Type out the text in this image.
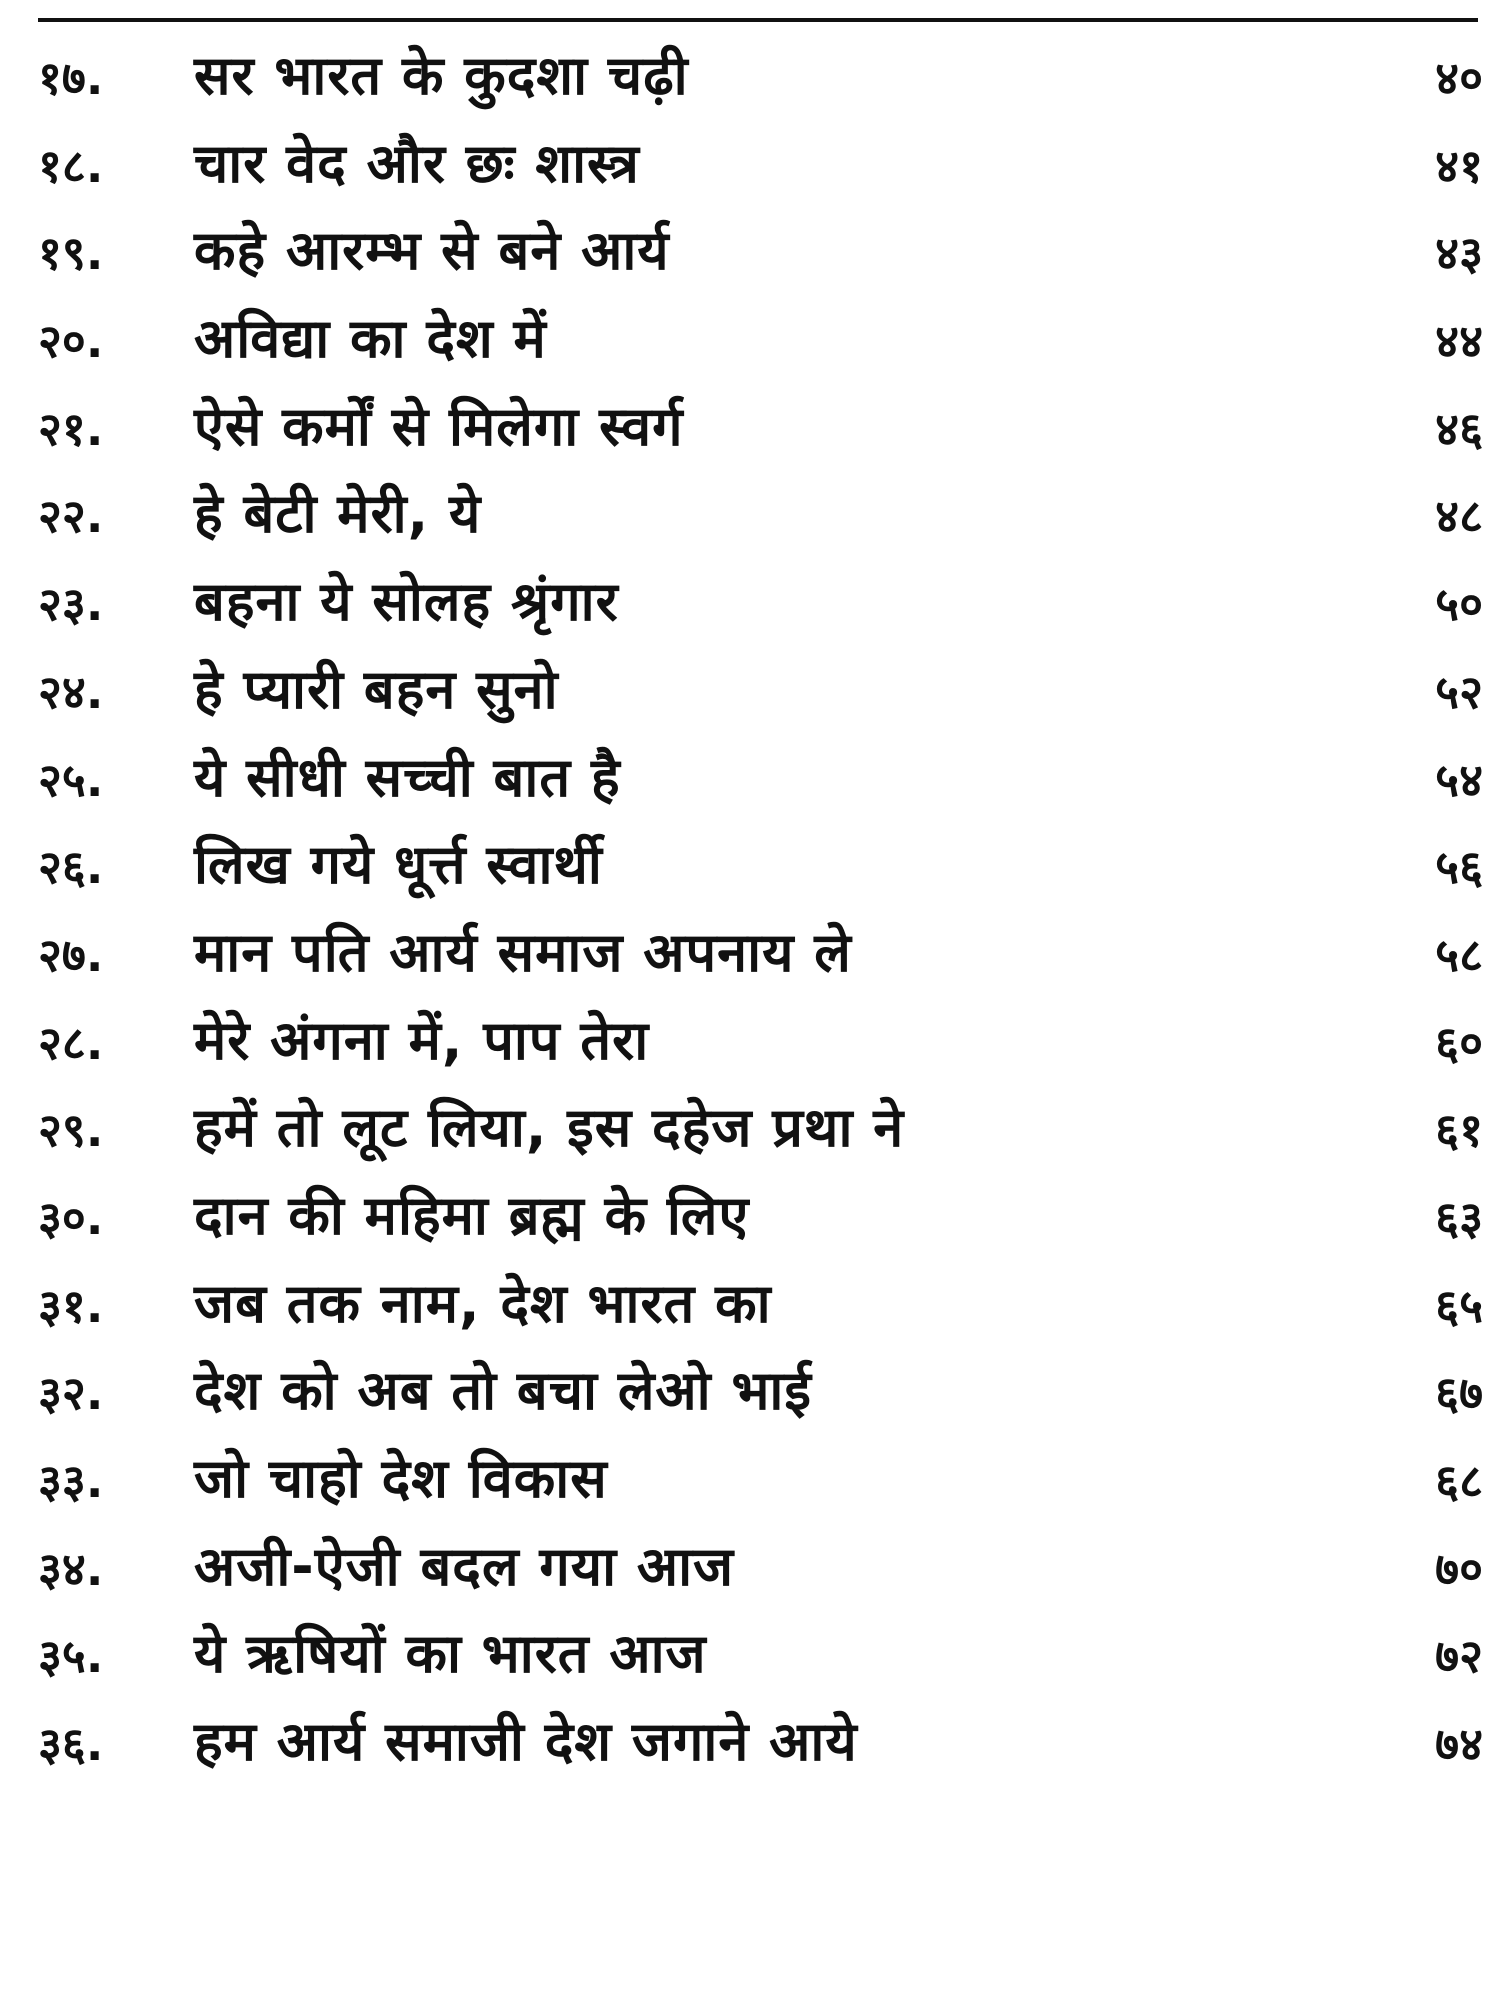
१७. सर भारत के कुदशा चढ़ी	४०
१८. चार वेद और छः शास्त्र	४१
१९. कहे आरम्भ से बने आर्य	४३
२०. अविद्या का देश में	४४
२१. ऐसे कर्मों से मिलेगा स्वर्ग	४६
२२. हे बेटी मेरी, ये	४८
२३. बहना ये सोलह श्रृंगार	५०
२४. हे प्यारी बहन सुनो	५२
२५. ये सीधी सच्ची बात है	५४
२६. लिख गये धूर्त्त स्वार्थी	५६
२७. मान पति आर्य समाज अपनाय ले	५८
२८. मेरे अंगना में, पाप तेरा	६०
२९. हमें तो लूट लिया, इस दहेज प्रथा ने	६१
३०. दान की महिमा ब्रह्म के लिए	६३
३१. जब तक नाम, देश भारत का	६५
३२. देश को अब तो बचा लेओ भाई	६७
३३. जो चाहो देश विकास	६८
३४. अजी-ऐजी बदल गया आज	७०
३५. ये ऋषियों का भारत आज	७२
३६. हम आर्य समाजी देश जगाने आये	७४
